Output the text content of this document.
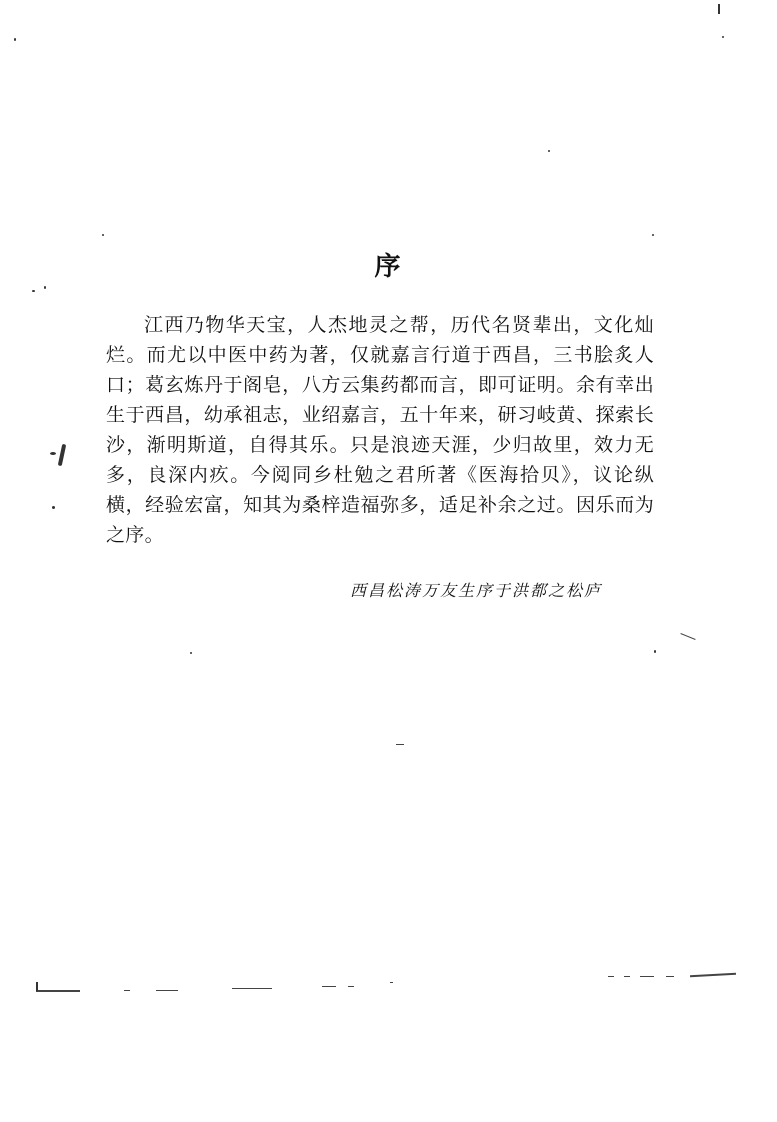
序

江西乃物华天宝，人杰地灵之帮，历代名贤辈出，文化灿烂。而尤以中医中药为著，仅就嘉言行道于西昌，三书脍炙人口；葛玄炼丹于阁皂，八方云集药都而言，即可证明。余有幸出生于西昌，幼承祖志，业绍嘉言，五十年来，研习岐黄、探索长沙，渐明斯道，自得其乐。只是浪迹天涯，少归故里，效力无多，良深内疚。今阅同乡杜勉之君所著《医海拾贝》，议论纵横，经验宏富，知其为桑梓造福弥多，适足补余之过。因乐而为之序。

西昌松涛万友生序于洪都之松庐
